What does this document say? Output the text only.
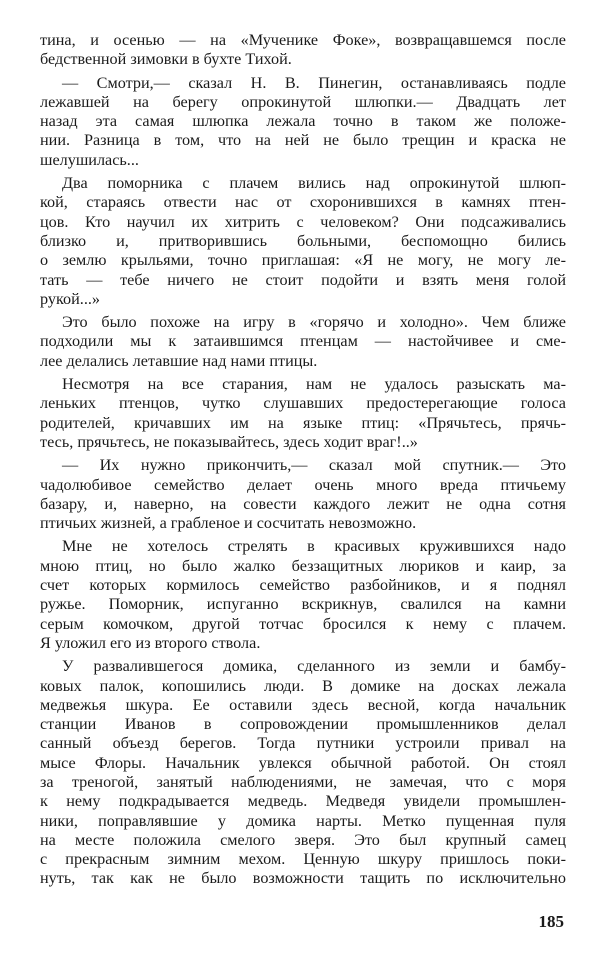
тина, и осенью — на «Мученике Фоке», возвращавшемся после
бедственной зимовки в бухте Тихой.
— Смотри,— сказал Н. В. Пинегин, останавливаясь подле
лежавшей на берегу опрокинутой шлюпки.— Двадцать лет
назад эта самая шлюпка лежала точно в таком же положе-
нии. Разница в том, что на ней не было трещин и краска не
шелушилась...
Два поморника с плачем вились над опрокинутой шлюп-
кой, стараясь отвести нас от схоронившихся в камнях птен-
цов. Кто научил их хитрить с человеком? Они подсаживались
близко и, притворившись больными, беспомощно бились
о землю крыльями, точно приглашая: «Я не могу, не могу ле-
тать — тебе ничего не стоит подойти и взять меня голой
рукой...»
Это было похоже на игру в «горячо и холодно». Чем ближе
подходили мы к затаившимся птенцам — настойчивее и сме-
лее делались летавшие над нами птицы.
Несмотря на все старания, нам не удалось разыскать ма-
леньких птенцов, чутко слушавших предостерегающие голоса
родителей, кричавших им на языке птиц: «Прячьтесь, прячь-
тесь, прячьтесь, не показывайтесь, здесь ходит враг!..»
— Их нужно прикончить,— сказал мой спутник.— Это
чадолюбивое семейство делает очень много вреда птичьему
базару, и, наверно, на совести каждого лежит не одна сотня
птичьих жизней, а грабленое и сосчитать невозможно.
Мне не хотелось стрелять в красивых кружившихся надо
мною птиц, но было жалко беззащитных люриков и каир, за
счет которых кормилось семейство разбойников, и я поднял
ружье. Поморник, испуганно вскрикнув, свалился на камни
серым комочком, другой тотчас бросился к нему с плачем.
Я уложил его из второго ствола.
У развалившегося домика, сделанного из земли и бамбу-
ковых палок, копошились люди. В домике на досках лежала
медвежья шкура. Ее оставили здесь весной, когда начальник
станции Иванов в сопровождении промышленников делал
санный объезд берегов. Тогда путники устроили привал на
мысе Флоры. Начальник увлекся обычной работой. Он стоял
за треногой, занятый наблюдениями, не замечая, что с моря
к нему подкрадывается медведь. Медведя увидели промышлен-
ники, поправлявшие у домика нарты. Метко пущенная пуля
на месте положила смелого зверя. Это был крупный самец
с прекрасным зимним мехом. Ценную шкуру пришлось поки-
нуть, так как не было возможности тащить по исключительно
185
